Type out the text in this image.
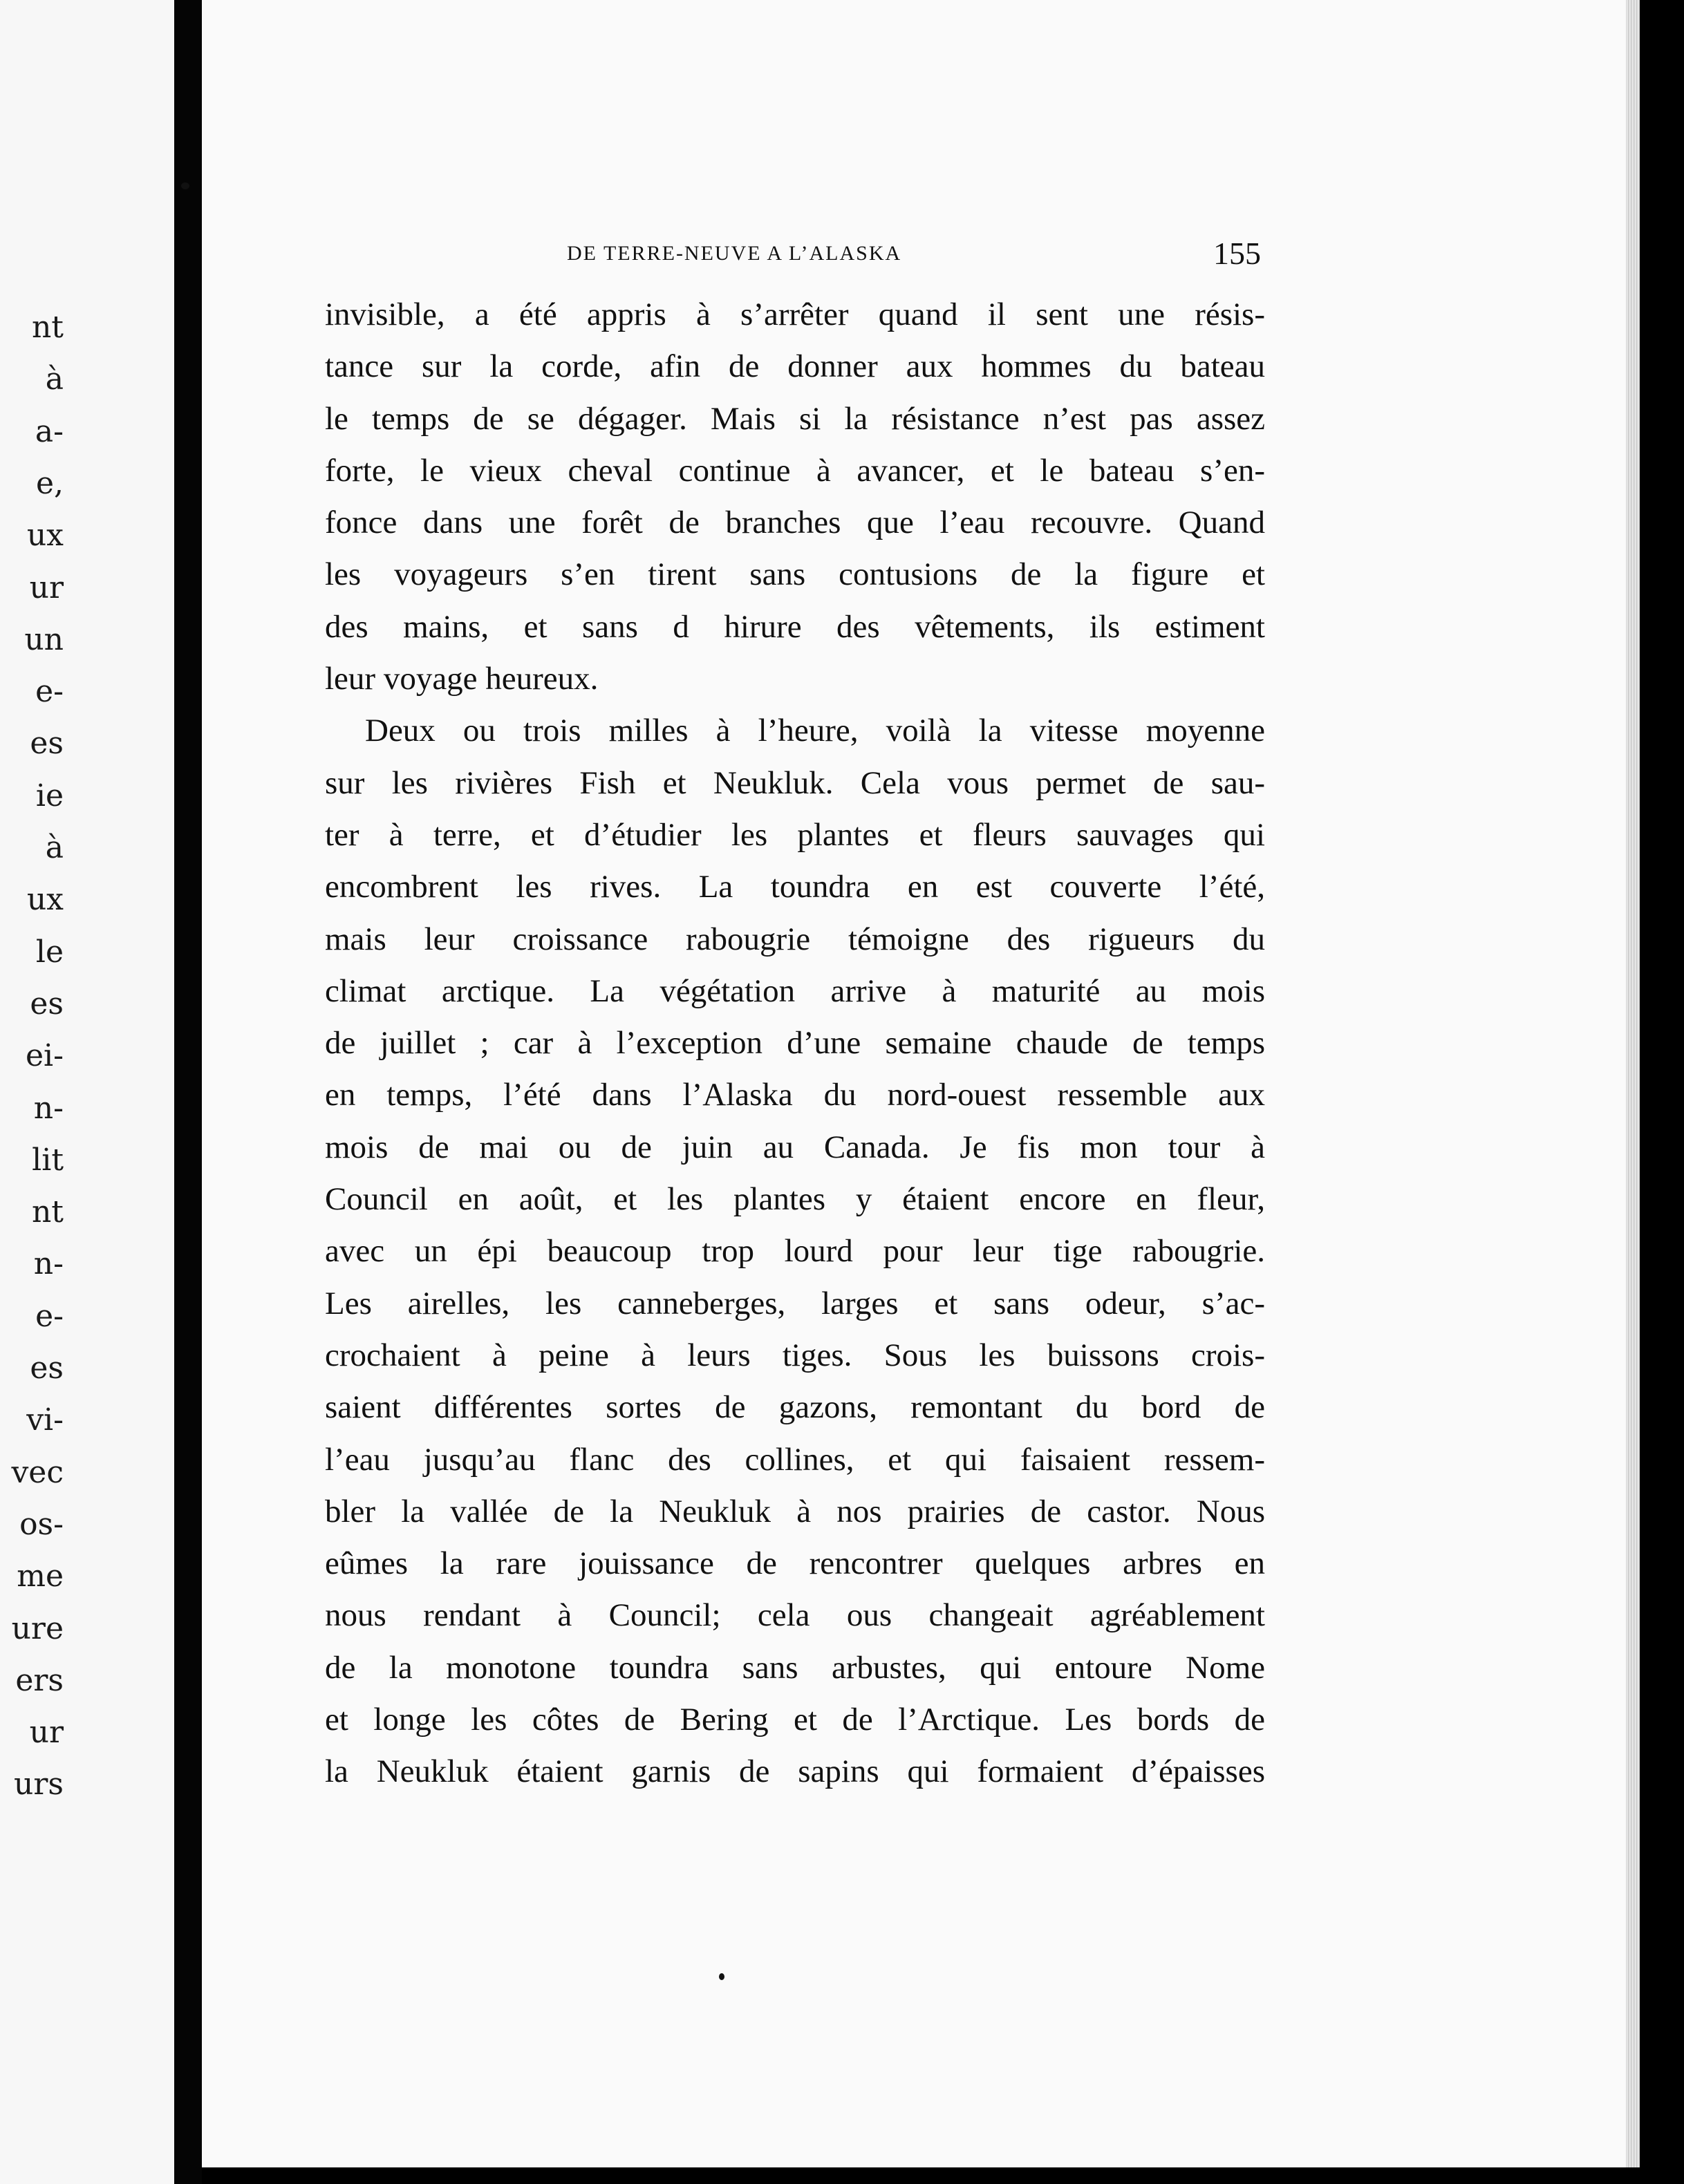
nt
à
a-
e,
ux
ur
un
e-
es
ie
à
ux
le
es
ei-
n-
lit
nt
n-
e-
es
vi-
vec
os-
me
ure
ers
ur
urs
DE TERRE-NEUVE A L’ALASKA	155
invisible, a été appris à s’arrêter quand il sent une résis-
tance sur la corde, afin de donner aux hommes du bateau
le temps de se dégager. Mais si la résistance n’est pas assez
forte, le vieux cheval continue à avancer, et le bateau s’en-
fonce dans une forêt de branches que l’eau recouvre. Quand
les voyageurs s’en tirent sans contusions de la figure et
des mains, et sans d hirure des vêtements, ils estiment
leur voyage heureux.
Deux ou trois milles à l’heure, voilà la vitesse moyenne
sur les rivières Fish et Neukluk. Cela vous permet de sau-
ter à terre, et d’étudier les plantes et fleurs sauvages qui
encombrent les rives. La toundra en est couverte l’été,
mais leur croissance rabougrie témoigne des rigueurs du
climat arctique. La végétation arrive à maturité au mois
de juillet ; car à l’exception d’une semaine chaude de temps
en temps, l’été dans l’Alaska du nord-ouest ressemble aux
mois de mai ou de juin au Canada. Je fis mon tour à
Council en août, et les plantes y étaient encore en fleur,
avec un épi beaucoup trop lourd pour leur tige rabougrie.
Les airelles, les canneberges, larges et sans odeur, s’ac-
crochaient à peine à leurs tiges. Sous les buissons crois-
saient différentes sortes de gazons, remontant du bord de
l’eau jusqu’au flanc des collines, et qui faisaient ressem-
bler la vallée de la Neukluk à nos prairies de castor. Nous
eûmes la rare jouissance de rencontrer quelques arbres en
nous rendant à Council; cela ous changeait agréablement
de la monotone toundra sans arbustes, qui entoure Nome
et longe les côtes de Bering et de l’Arctique. Les bords de
la Neukluk étaient garnis de sapins qui formaient d’épaisses
